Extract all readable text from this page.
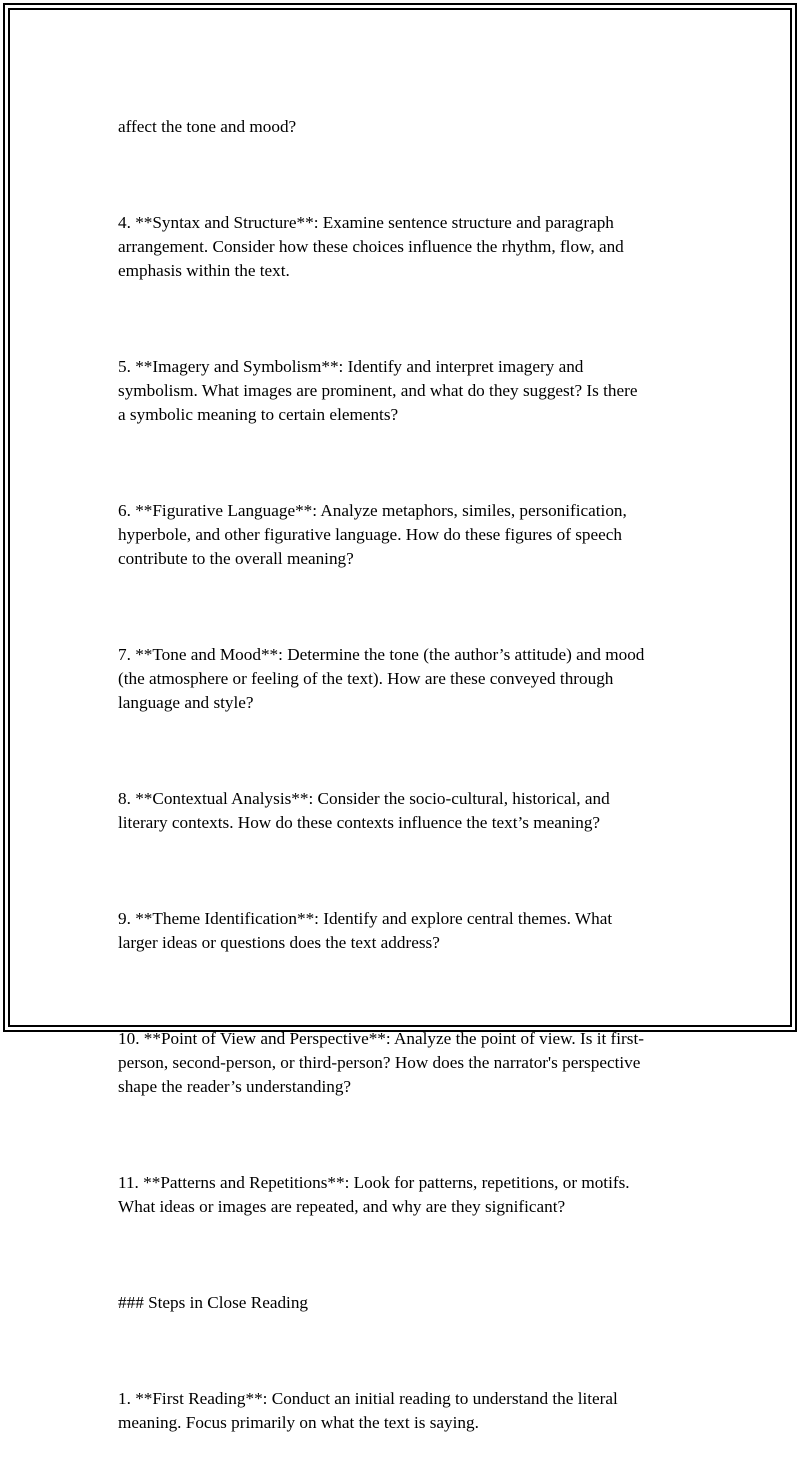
affect the tone and mood?

4. **Syntax and Structure**: Examine sentence structure and paragraph
arrangement. Consider how these choices influence the rhythm, flow, and
emphasis within the text.

5. **Imagery and Symbolism**: Identify and interpret imagery and
symbolism. What images are prominent, and what do they suggest? Is there
a symbolic meaning to certain elements?

6. **Figurative Language**: Analyze metaphors, similes, personification,
hyperbole, and other figurative language. How do these figures of speech
contribute to the overall meaning?

7. **Tone and Mood**: Determine the tone (the author’s attitude) and mood
(the atmosphere or feeling of the text). How are these conveyed through
language and style?

8. **Contextual Analysis**: Consider the socio-cultural, historical, and
literary contexts. How do these contexts influence the text’s meaning?

9. **Theme Identification**: Identify and explore central themes. What
larger ideas or questions does the text address?

10. **Point of View and Perspective**: Analyze the point of view. Is it first-
person, second-person, or third-person? How does the narrator's perspective
shape the reader’s understanding?

11. **Patterns and Repetitions**: Look for patterns, repetitions, or motifs.
What ideas or images are repeated, and why are they significant?

### Steps in Close Reading

1. **First Reading**: Conduct an initial reading to understand the literal
meaning. Focus primarily on what the text is saying.
